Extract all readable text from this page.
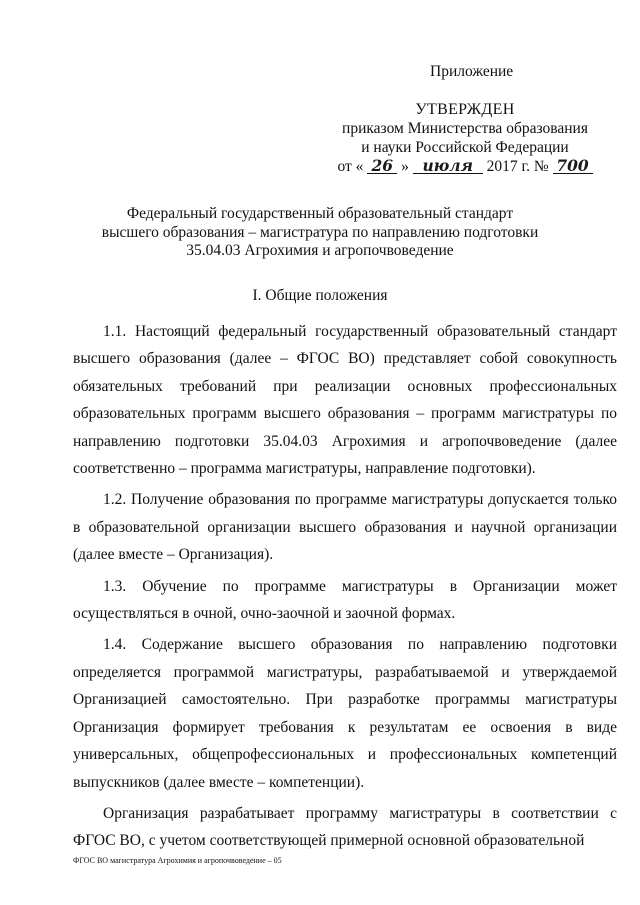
Приложение
УТВЕРЖДЕН
приказом Министерства образования
и науки Российской Федерации
от « 26 » июля 2017 г. № 700
Федеральный государственный образовательный стандарт
высшего образования – магистратура по направлению подготовки
35.04.03 Агрохимия и агропочвоведение
I. Общие положения

1.1. Настоящий федеральный государственный образовательный стандарт высшего образования (далее – ФГОС ВО) представляет собой совокупность обязательных требований при реализации основных профессиональных образовательных программ высшего образования – программ магистратуры по направлению подготовки 35.04.03 Агрохимия и агропочвоведение (далее соответственно – программа магистратуры, направление подготовки).

1.2. Получение образования по программе магистратуры допускается только в образовательной организации высшего образования и научной организации (далее вместе – Организация).

1.3. Обучение по программе магистратуры в Организации может осуществляться в очной, очно-заочной и заочной формах.

1.4. Содержание высшего образования по направлению подготовки определяется программой магистратуры, разрабатываемой и утверждаемой Организацией самостоятельно. При разработке программы магистратуры Организация формирует требования к результатам ее освоения в виде универсальных, общепрофессиональных и профессиональных компетенций выпускников (далее вместе – компетенции).

Организация разрабатывает программу магистратуры в соответствии с ФГОС ВО, с учетом соответствующей примерной основной образовательной

ФГОС ВО магистратура Агрохимия и агропочвоведение – 05
